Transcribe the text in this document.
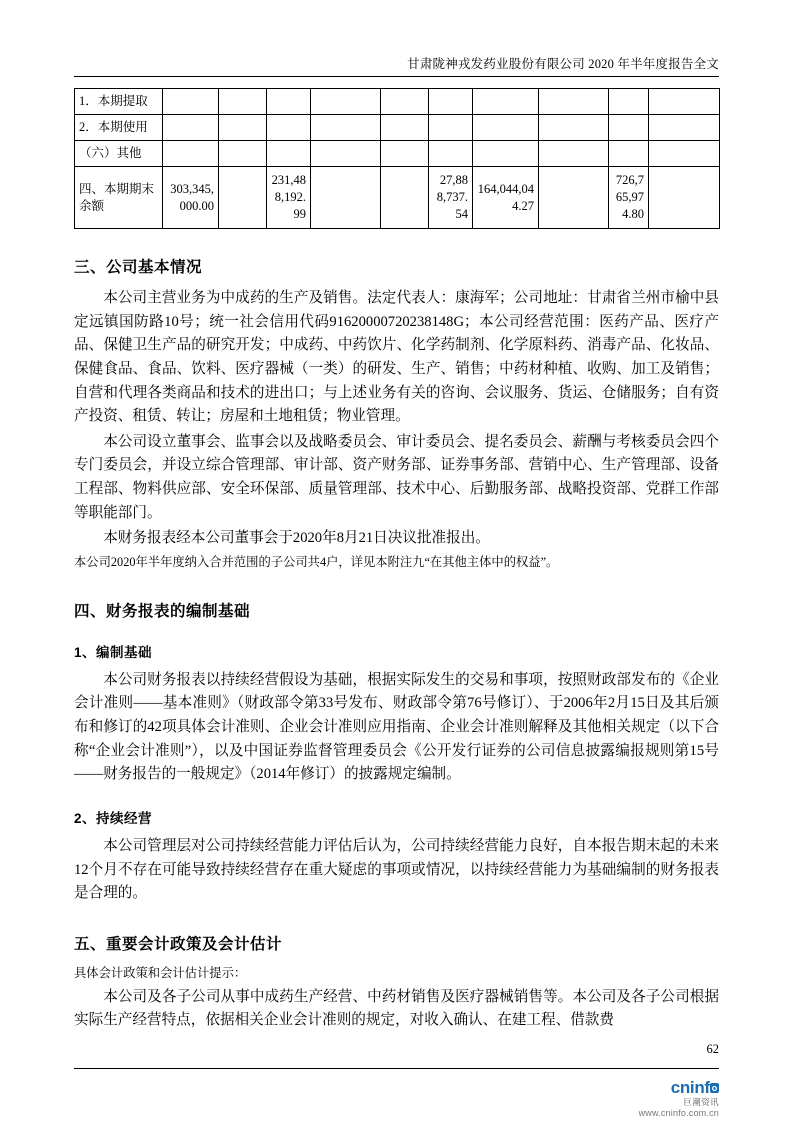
甘肃陇神戎发药业股份有限公司 2020 年半年度报告全文
1．本期提取										
2．本期使用										
（六）其他										
四、本期期末余额	303,345,000.00		231,488,192.99			27,888,737.54	164,044,044.27		726,765,974.80	
三、公司基本情况

本公司主营业务为中成药的生产及销售。法定代表人：康海军；公司地址：甘肃省兰州市榆中县定远镇国防路10号；统一社会信用代码91620000720238148G；本公司经营范围：医药产品、医疗产品、保健卫生产品的研究开发；中成药、中药饮片、化学药制剂、化学原料药、消毒产品、化妆品、保健食品、食品、饮料、医疗器械（一类）的研发、生产、销售；中药材种植、收购、加工及销售；自营和代理各类商品和技术的进出口；与上述业务有关的咨询、会议服务、货运、仓储服务；自有资产投资、租赁、转让；房屋和土地租赁；物业管理。

本公司设立董事会、监事会以及战略委员会、审计委员会、提名委员会、薪酬与考核委员会四个专门委员会，并设立综合管理部、审计部、资产财务部、证券事务部、营销中心、生产管理部、设备工程部、物料供应部、安全环保部、质量管理部、技术中心、后勤服务部、战略投资部、党群工作部等职能部门。

本财务报表经本公司董事会于2020年8月21日决议批准报出。

本公司2020年半年度纳入合并范围的子公司共4户，详见本附注九“在其他主体中的权益”。

四、财务报表的编制基础
1、编制基础

本公司财务报表以持续经营假设为基础，根据实际发生的交易和事项，按照财政部发布的《企业会计准则——基本准则》（财政部令第33号发布、财政部令第76号修订）、于2006年2月15日及其后颁布和修订的42项具体会计准则、企业会计准则应用指南、企业会计准则解释及其他相关规定（以下合称“企业会计准则”），以及中国证券监督管理委员会《公开发行证券的公司信息披露编报规则第15号——财务报告的一般规定》（2014年修订）的披露规定编制。

2、持续经营

本公司管理层对公司持续经营能力评估后认为，公司持续经营能力良好，自本报告期末起的未来12个月不存在可能导致持续经营存在重大疑虑的事项或情况，以持续经营能力为基础编制的财务报表是合理的。

五、重要会计政策及会计估计

具体会计政策和会计估计提示：

本公司及各子公司从事中成药生产经营、中药材销售及医疗器械销售等。本公司及各子公司根据实际生产经营特点，依据相关企业会计准则的规定，对收入确认、在建工程、借款费

62
cninf o
巨潮资讯
www.cninfo.com.cn
